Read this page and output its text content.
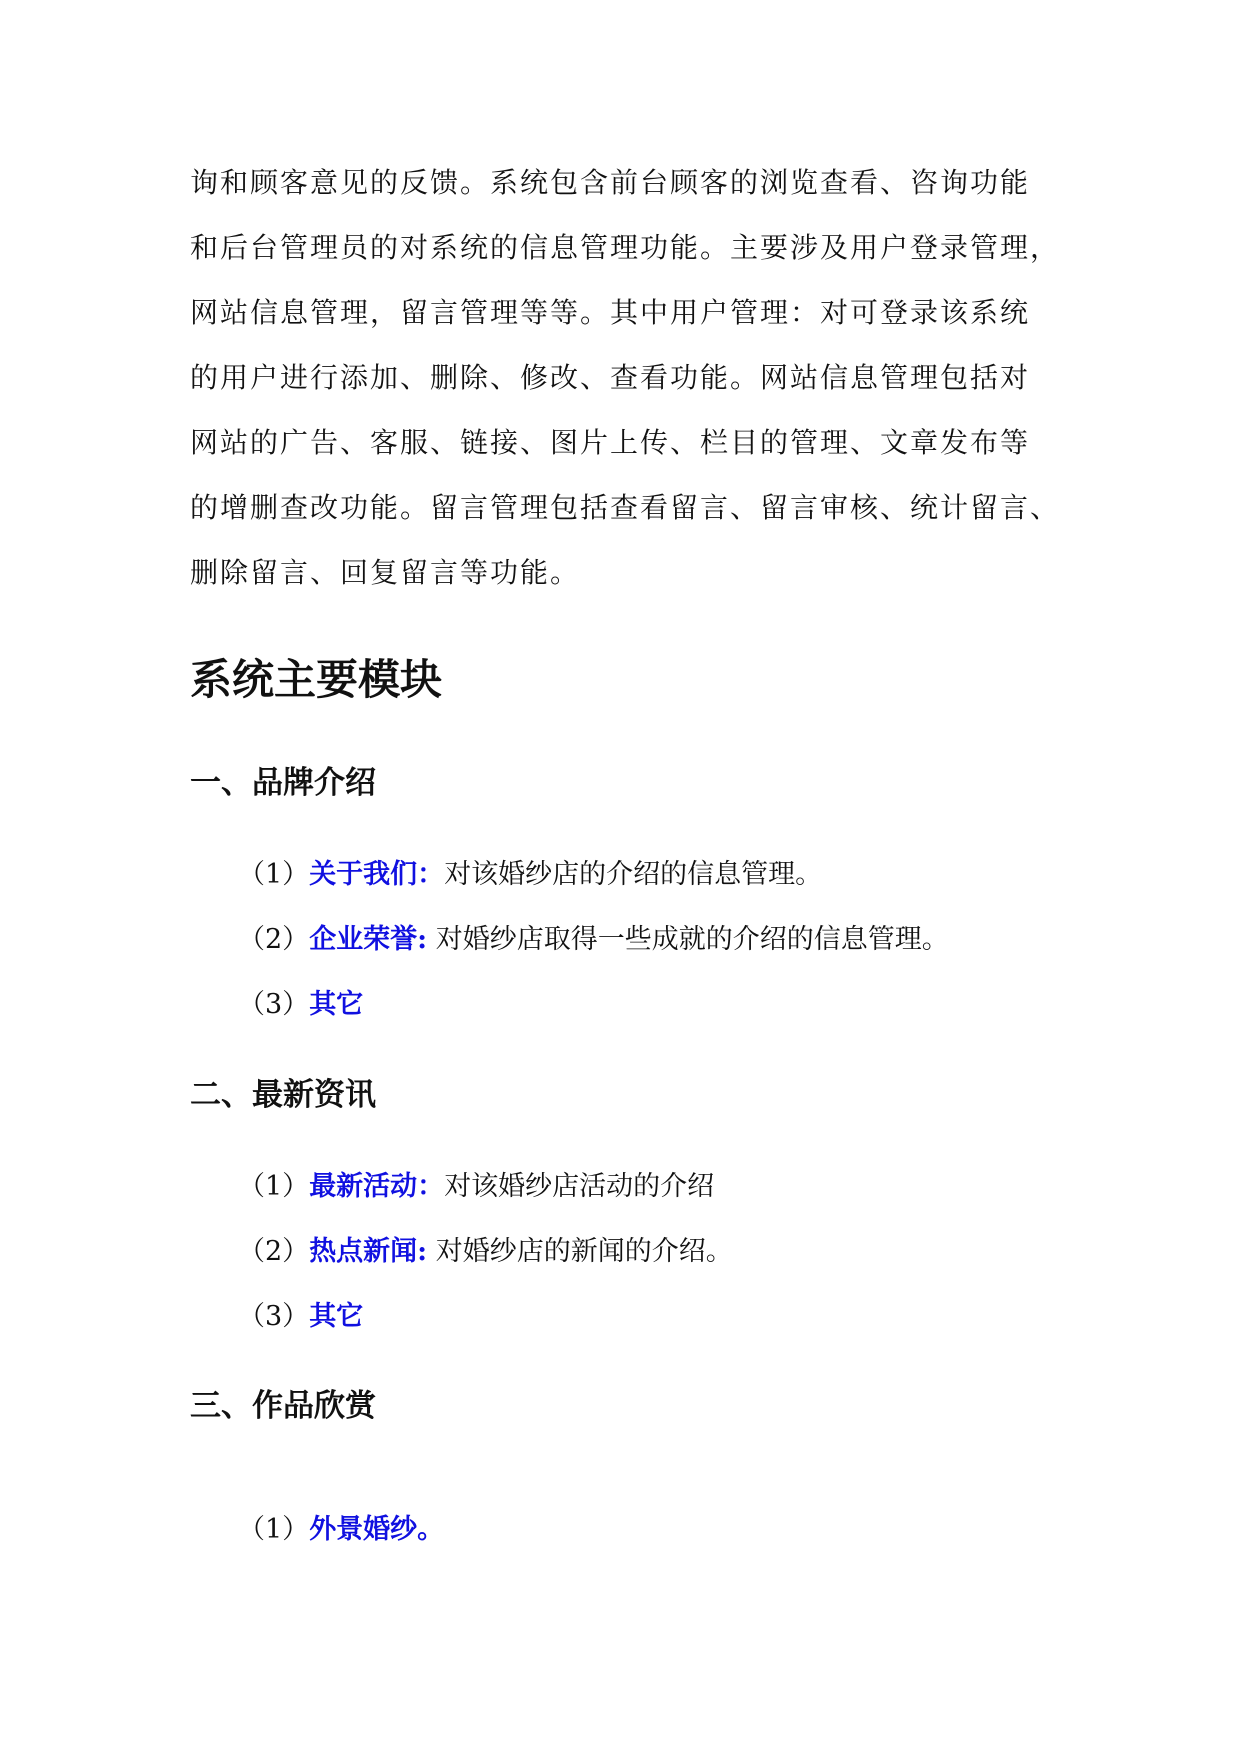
询和顾客意见的反馈。系统包含前台顾客的浏览查看、咨询功能
和后台管理员的对系统的信息管理功能。主要涉及用户登录管理，
网站信息管理，留言管理等等。其中用户管理：对可登录该系统
的用户进行添加、删除、修改、查看功能。网站信息管理包括对
网站的广告、客服、链接、图片上传、栏目的管理、文章发布等
的增删查改功能。留言管理包括查看留言、留言审核、统计留言、
删除留言、回复留言等功能。
系统主要模块
一、品牌介绍
（1）关于我们：对该婚纱店的介绍的信息管理。
（2）企业荣誉: 对婚纱店取得一些成就的介绍的信息管理。
（3）其它
二、最新资讯
（1）最新活动：对该婚纱店活动的介绍
（2）热点新闻: 对婚纱店的新闻的介绍。
（3）其它
三、作品欣赏
（1）外景婚纱。
